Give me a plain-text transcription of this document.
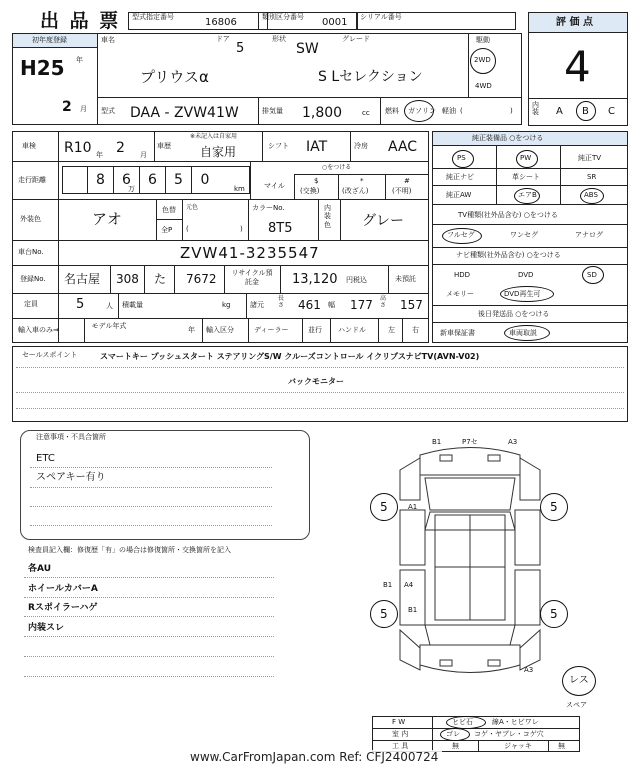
出 品 票 型式指定番号	16806	類別区分番号 0001 シリアル番号	評 価 点
4
内装	A B C
初年度登録
H25 年
2 月
車名
プリウスα
ドア
5
形状
SW
グレード
S Lセレクション
駆動
2WD
4WD
型式 DAA - ZVW41W	排気量 1,800	cc 燃料 ガソリン 軽油 (	)
車検 R10 年 2 月
車歴
※未記入は自家用
自家用	シフト IAT	冷房 AAC
走行距離	8	6	6	5	0
万	km	マイル
○をつける
$
(交換)
*
(改ざん)
#
(不明)
外装色	アオ	色替
全P
元色
(	)
カラーNo.
8T5
内装色 グレー
車台No.	ZVW41-3235547
登録No. 名古屋 308 た 7672 リサイクル預託金	13,120 円税込	未預託
定員	5	人 積載量	kg	諸元
長さ 461 幅 177 高さ 157
輸入車のみ⇒	モデル年式	年 輸入区分	ディーラー	並行 ハンドル	左 右
純正装備品 ○をつける
PS	PW	純正TV
純正ナビ	革シート	SR
純正AW	エアB	ABS
TV種類(社外品含む) ○をつける
フルセグ	ワンセグ	アナログ
ナビ種類(社外品含む) ○をつける
HDD	DVD	SD
メモリー	DVD再生可
後日発送品 ○をつける
新車保証書	車両取説
セールスポイント	スマートキー プッシュスタート ステアリングS/W クルーズコントロール イクリプスナビTV(AVN-V02)
バックモニター
注意事項・不具合箇所
ETC
スペアキー有り
検査員記入欄：修復歴「有」の場合は修復箇所・交換箇所を記入
各AU
ホイールカバーA
Rスポイラーハゲ
内装スレ
B1	P7セ	A3
A1
B1 A4
B1
A3
5	5
5	5
レス
スペア
F W	ヒビ石	線A・ヒビワレ
室 内	ゴレ コゲ・ヤブレ・コゲ穴
工 具	無	ジャッキ	無
www.CarFromJapan.com Ref: CFJ2400724
